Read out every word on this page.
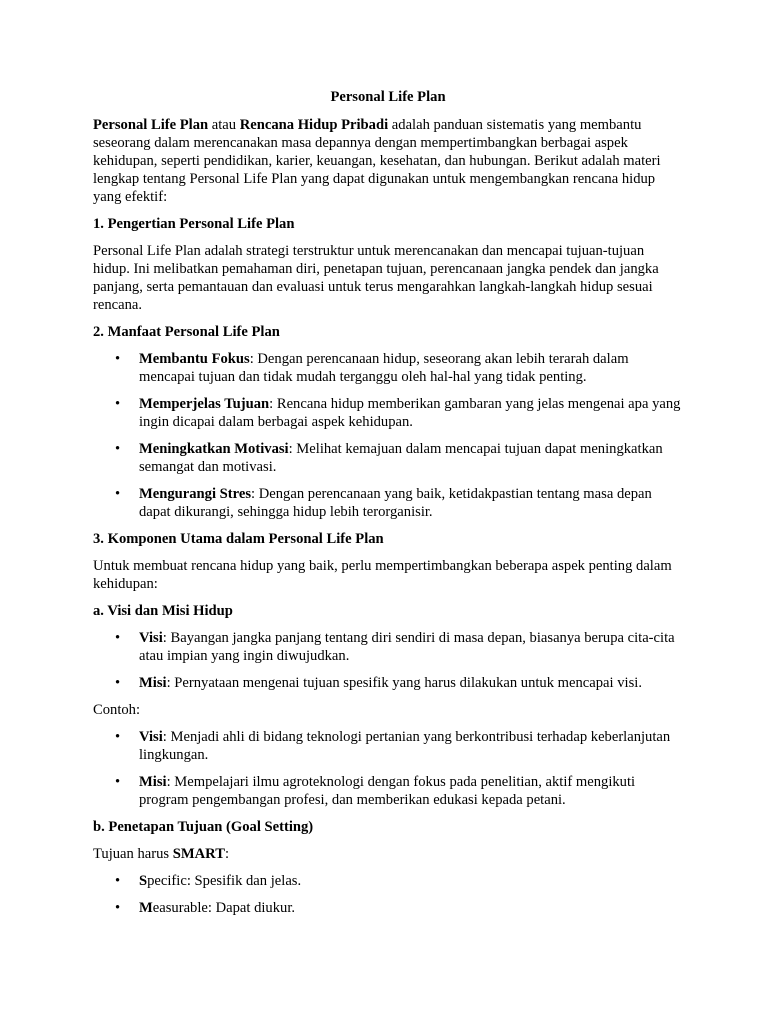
Personal Life Plan

Personal Life Plan atau Rencana Hidup Pribadi adalah panduan sistematis yang membantu seseorang dalam merencanakan masa depannya dengan mempertimbangkan berbagai aspek kehidupan, seperti pendidikan, karier, keuangan, kesehatan, dan hubungan. Berikut adalah materi lengkap tentang Personal Life Plan yang dapat digunakan untuk mengembangkan rencana hidup yang efektif:

1. Pengertian Personal Life Plan

Personal Life Plan adalah strategi terstruktur untuk merencanakan dan mencapai tujuan-tujuan hidup. Ini melibatkan pemahaman diri, penetapan tujuan, perencanaan jangka pendek dan jangka panjang, serta pemantauan dan evaluasi untuk terus mengarahkan langkah-langkah hidup sesuai rencana.

2. Manfaat Personal Life Plan
• Membantu Fokus: Dengan perencanaan hidup, seseorang akan lebih terarah dalam mencapai tujuan dan tidak mudah terganggu oleh hal-hal yang tidak penting.
• Memperjelas Tujuan: Rencana hidup memberikan gambaran yang jelas mengenai apa yang ingin dicapai dalam berbagai aspek kehidupan.
• Meningkatkan Motivasi: Melihat kemajuan dalam mencapai tujuan dapat meningkatkan semangat dan motivasi.
• Mengurangi Stres: Dengan perencanaan yang baik, ketidakpastian tentang masa depan dapat dikurangi, sehingga hidup lebih terorganisir.
3. Komponen Utama dalam Personal Life Plan

Untuk membuat rencana hidup yang baik, perlu mempertimbangkan beberapa aspek penting dalam kehidupan:

a. Visi dan Misi Hidup
• Visi: Bayangan jangka panjang tentang diri sendiri di masa depan, biasanya berupa cita-cita atau impian yang ingin diwujudkan.
• Misi: Pernyataan mengenai tujuan spesifik yang harus dilakukan untuk mencapai visi.

Contoh:

• Visi: Menjadi ahli di bidang teknologi pertanian yang berkontribusi terhadap keberlanjutan lingkungan.
• Misi: Mempelajari ilmu agroteknologi dengan fokus pada penelitian, aktif mengikuti program pengembangan profesi, dan memberikan edukasi kepada petani.
b. Penetapan Tujuan (Goal Setting)

Tujuan harus SMART:

• Specific: Spesifik dan jelas.
• Measurable: Dapat diukur.
